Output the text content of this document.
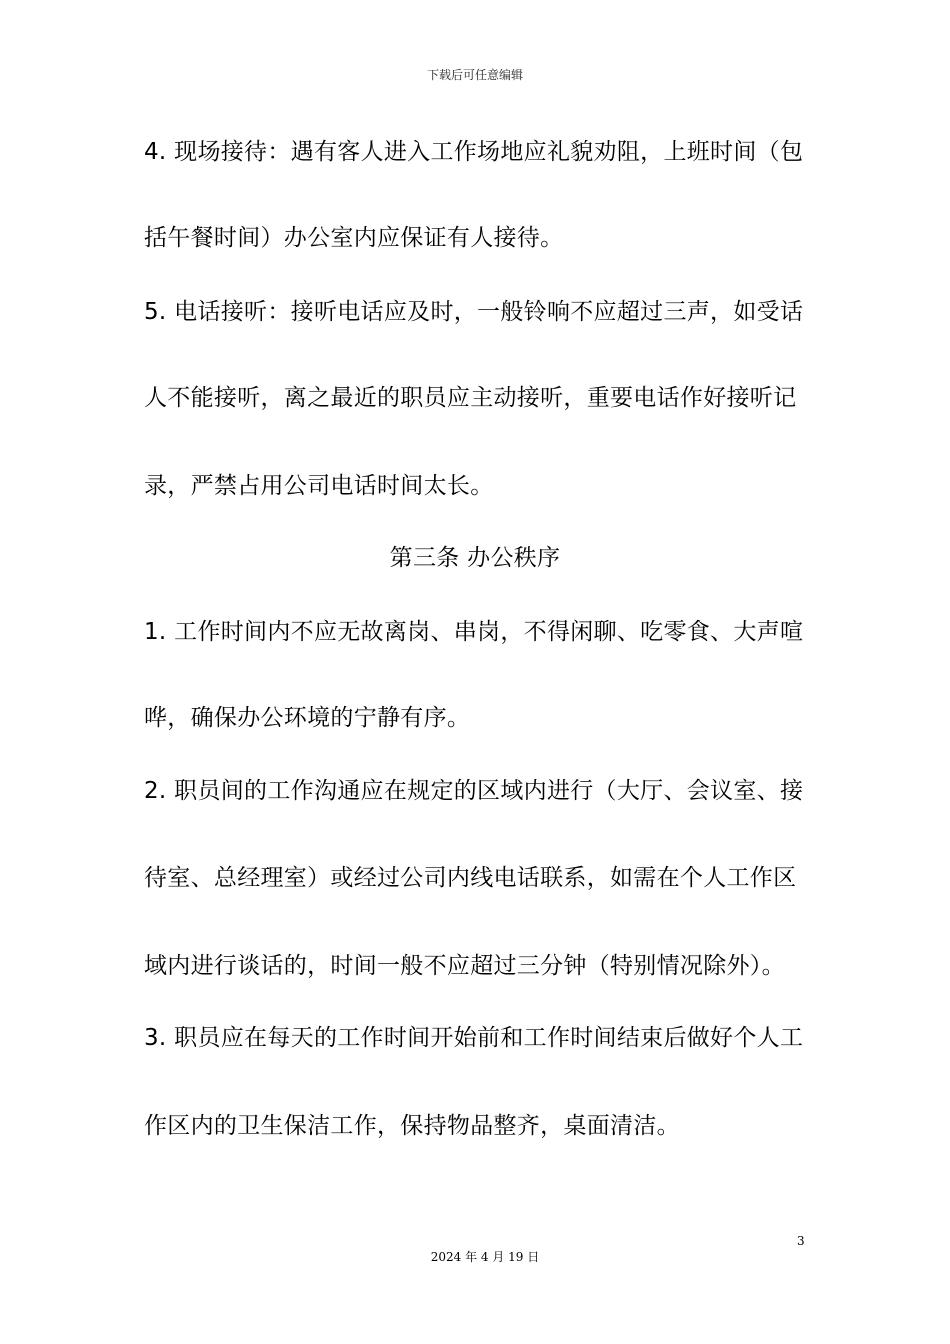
下载后可任意编辑
4. 现场接待：遇有客人进入工作场地应礼貌劝阻，上班时间（包
括午餐时间）办公室内应保证有人接待。
5. 电话接听：接听电话应及时，一般铃响不应超过三声，如受话
人不能接听，离之最近的职员应主动接听，重要电话作好接听记
录，严禁占用公司电话时间太长。
第三条 办公秩序
1. 工作时间内不应无故离岗、串岗，不得闲聊、吃零食、大声喧
哗，确保办公环境的宁静有序。
2. 职员间的工作沟通应在规定的区域内进行（大厅、会议室、接
待室、总经理室）或经过公司内线电话联系，如需在个人工作区
域内进行谈话的，时间一般不应超过三分钟（特别情况除外）。
3. 职员应在每天的工作时间开始前和工作时间结束后做好个人工
作区内的卫生保洁工作，保持物品整齐，桌面清洁。
3
2024 年 4 月 19 日
